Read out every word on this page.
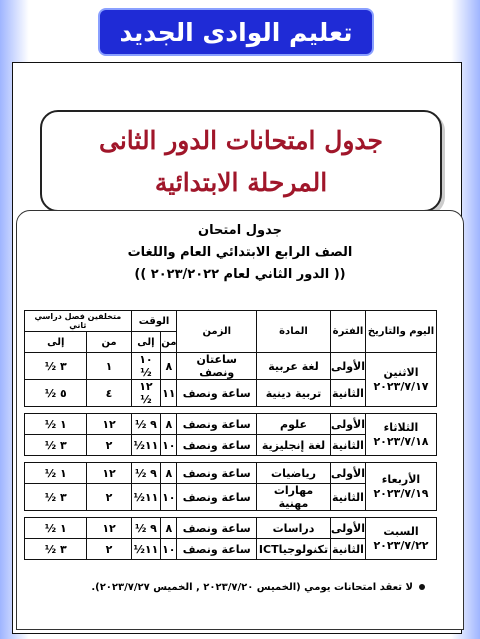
تعليم الوادى الجديد
جدول امتحانات الدور الثانى
المرحلة الابتدائية
جدول امتحان
الصف الرابع الابتدائي العام واللغات
(( الدور الثاني لعام ٢٠٢٣/٢٠٢٢ ))
اليوم والتاريخ	الفترة	المادة	الزمن	الوقت		متخلفين فصل دراسي ثاني	
				من	إلى	من	إلى

الاثنين
٢٠٢٣/٧/١٧	الأولى	لغة عربية	ساعتان ونصف	٨	١٠ ½	١	٣ ½
	الثانية	تربية دينية	ساعة ونصف	١١	١٢ ½	٤	٥ ½

الثلاثاء
٢٠٢٣/٧/١٨	الأولى	علوم	ساعة ونصف	٨	٩ ½	١٢	١ ½
	الثانية	لغة إنجليزية	ساعة ونصف	١٠	١١½	٢	٣ ½

الأربعاء
٢٠٢٣/٧/١٩	الأولى	رياضيات	ساعة ونصف	٨	٩ ½	١٢	١ ½
	الثانية	مهارات مهنية	ساعة ونصف	١٠	١١½	٢	٣ ½

السبت
٢٠٢٣/٧/٢٢	الأولى	دراسات	ساعة ونصف	٨	٩ ½	١٢	١ ½
	الثانية	تكنولوجياICT	ساعة ونصف	١٠	١١½	٢	٣ ½
لا تعقد امتحانات يومي (الخميس ٢٠٢٣/٧/٢٠ , الخميس ٢٠٢٣/٧/٢٧).
